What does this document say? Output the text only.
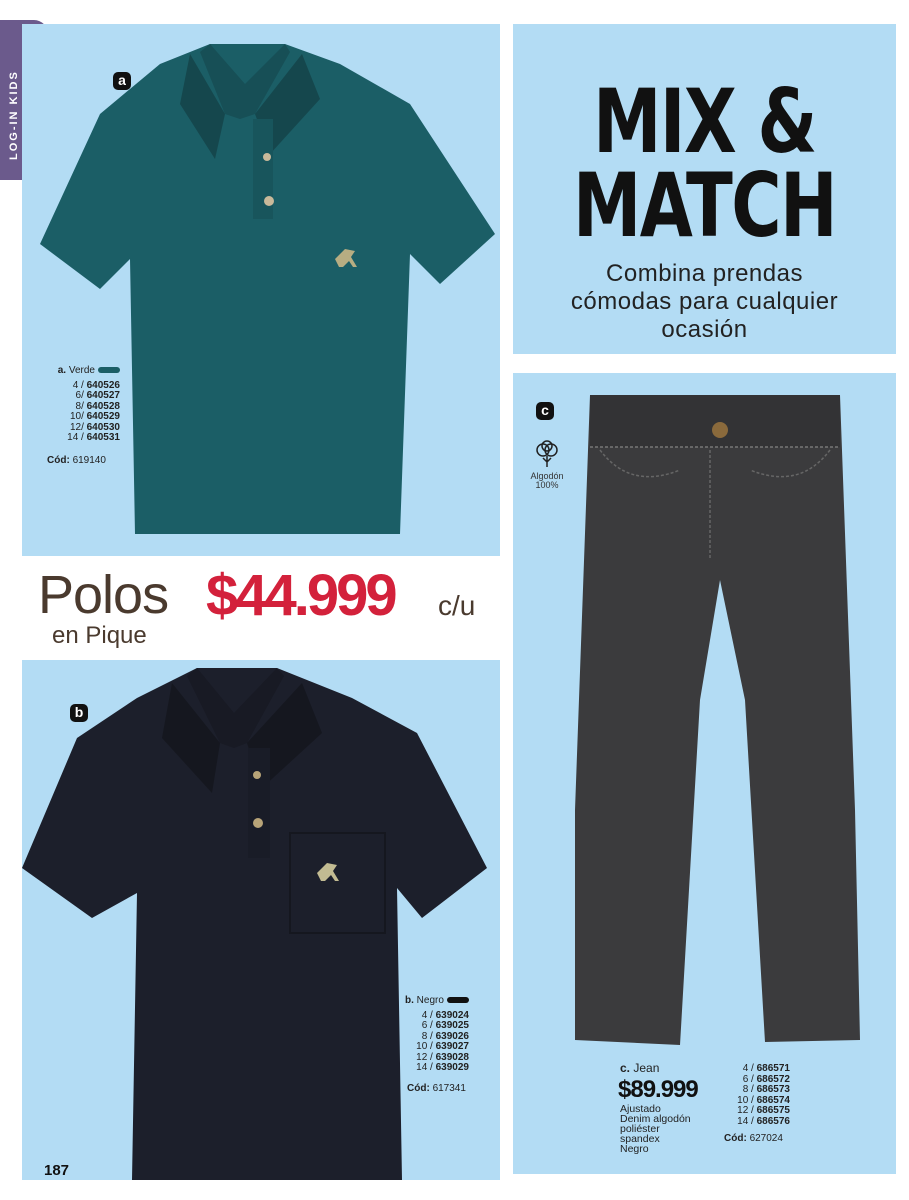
LOG-IN KIDS	a
a. Verde
4 / 640526
6/ 640527
8/ 640528
10/ 640529
12/ 640530
14 / 640531
Cód: 619140
MIX &
MATCH
Combina prendas
cómodas para cualquier
ocasión
Polos
en Pique
$44.999 c/u
c
Algodón
100%
c. Jean
$89.999
Ajustado
Denim algodón
poliéster
spandex
Negro
4 / 686571
6 / 686572
8 / 686573
10 / 686574
12 / 686575
14 / 686576
Cód: 627024
b
b. Negro
4 / 639024
6 / 639025
8 / 639026
10 / 639027
12 / 639028
14 / 639029
Cód: 617341
187
